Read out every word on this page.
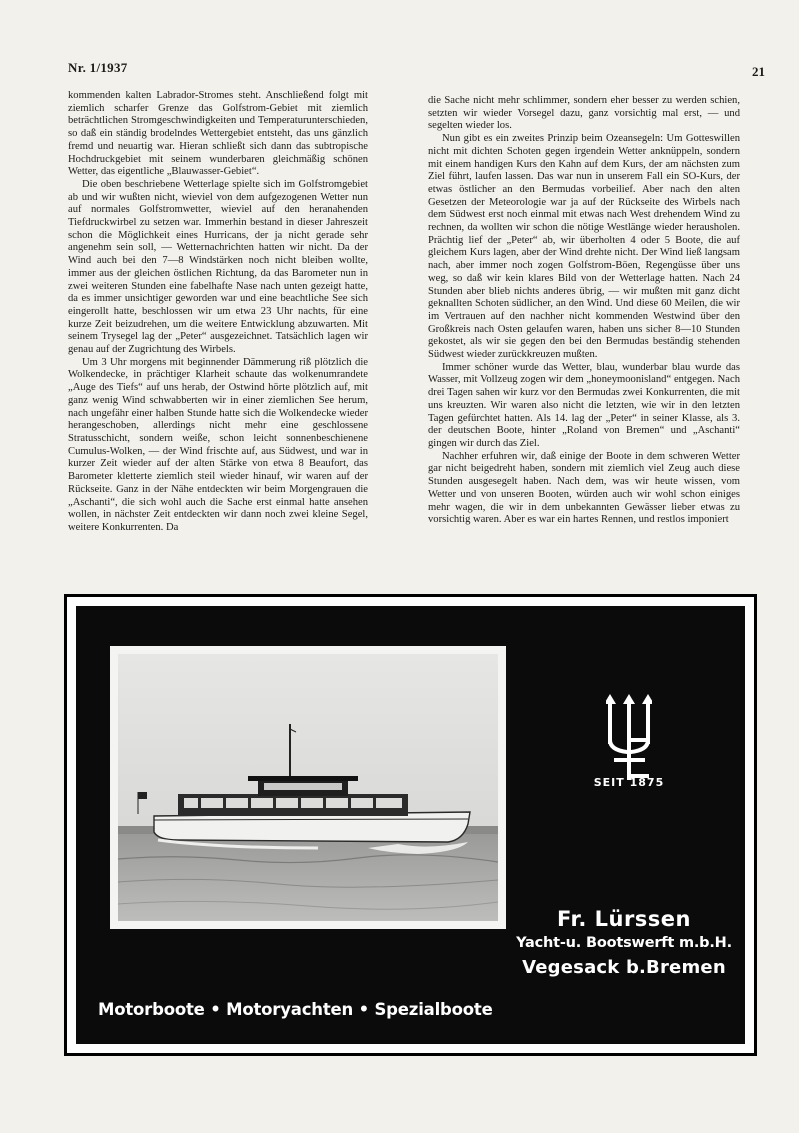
Nr. 1/1937	21

kommenden kalten Labrador-Stromes steht. Anschließend folgt mit ziemlich scharfer Grenze das Golfstrom-Gebiet mit ziemlich beträchtlichen Stromgeschwindigkeiten und Temperaturunterschieden, so daß ein ständig brodelndes Wettergebiet entsteht, das uns gänzlich fremd und neuartig war. Hieran schließt sich dann das subtropische Hochdruckgebiet mit seinem wunderbaren gleichmäßig schönen Wetter, das eigentliche „Blauwasser-Gebiet“.

Die oben beschriebene Wetterlage spielte sich im Golfstromgebiet ab und wir wußten nicht, wieviel von dem aufgezogenen Wetter nun auf normales Golfstromwetter, wieviel auf den heranahenden Tiefdruckwirbel zu setzen war. Immerhin bestand in dieser Jahreszeit schon die Möglichkeit eines Hurricans, der ja nicht gerade sehr angenehm sein soll, — Wetternachrichten hatten wir nicht. Da der Wind auch bei den 7—8 Windstärken noch nicht bleiben wollte, immer aus der gleichen östlichen Richtung, da das Barometer nun in zwei weiteren Stunden eine fabelhafte Nase nach unten gezeigt hatte, da es immer unsichtiger geworden war und eine beachtliche See sich eingerollt hatte, beschlossen wir um etwa 23 Uhr nachts, für eine kurze Zeit beizudrehen, um die weitere Entwicklung abzuwarten. Mit seinem Trysegel lag der „Peter“ ausgezeichnet. Tatsächlich lagen wir genau auf der Zugrichtung des Wirbels.

Um 3 Uhr morgens mit beginnender Dämmerung riß plötzlich die Wolkendecke, in prächtiger Klarheit schaute das wolkenumrandete „Auge des Tiefs“ auf uns herab, der Ostwind hörte plötzlich auf, mit ganz wenig Wind schwabberten wir in einer ziemlichen See herum, nach ungefähr einer halben Stunde hatte sich die Wolkendecke wieder herangeschoben, allerdings nicht mehr eine geschlossene Stratusschicht, sondern weiße, schon leicht sonnenbeschienene Cumulus-Wolken, — der Wind frischte auf, aus Südwest, und war in kurzer Zeit wieder auf der alten Stärke von etwa 8 Beaufort, das Barometer kletterte ziemlich steil wieder hinauf, wir waren auf der Rückseite. Ganz in der Nähe entdeckten wir beim Morgengrauen die „Aschanti“, die sich wohl auch die Sache erst einmal hatte ansehen wollen, in nächster Zeit entdeckten wir dann noch zwei kleine Segel, weitere Konkurrenten. Da

die Sache nicht mehr schlimmer, sondern eher besser zu werden schien, setzten wir wieder Vorsegel dazu, ganz vorsichtig mal erst, — und segelten wieder los.

Nun gibt es ein zweites Prinzip beim Ozeansegeln: Um Gotteswillen nicht mit dichten Schoten gegen irgendein Wetter anknüppeln, sondern mit einem handigen Kurs den Kahn auf dem Kurs, der am nächsten zum Ziel führt, laufen lassen. Das war nun in unserem Fall ein SO-Kurs, der etwas östlicher an den Bermudas vorbeilief. Aber nach den alten Gesetzen der Meteorologie war ja auf der Rückseite des Wirbels nach dem Südwest erst noch einmal mit etwas nach West drehendem Wind zu rechnen, da wollten wir schon die nötige Westlänge wieder herausholen. Prächtig lief der „Peter“ ab, wir überholten 4 oder 5 Boote, die auf gleichem Kurs lagen, aber der Wind drehte nicht. Der Wind ließ langsam nach, aber immer noch zogen Golfstrom-Böen, Regengüsse über uns weg, so daß wir kein klares Bild von der Wetterlage hatten. Nach 24 Stunden aber blieb nichts anderes übrig, — wir mußten mit ganz dicht geknallten Schoten südlicher, an den Wind. Und diese 60 Meilen, die wir im Vertrauen auf den nachher nicht kommenden Westwind über den Großkreis nach Osten gelaufen waren, haben uns sicher 8—10 Stunden gekostet, als wir sie gegen den bei den Bermudas beständig stehenden Südwest wieder zurückkreuzen mußten.

Immer schöner wurde das Wetter, blau, wunderbar blau wurde das Wasser, mit Vollzeug zogen wir dem „honeymoonisland“ entgegen. Nach drei Tagen sahen wir kurz vor den Bermudas zwei Konkurrenten, die mit uns kreuzten. Wir waren also nicht die letzten, wie wir in den letzten Tagen gefürchtet hatten. Als 14. lag der „Peter“ in seiner Klasse, als 3. der deutschen Boote, hinter „Roland von Bremen“ und „Aschanti“ gingen wir durch das Ziel.

Nachher erfuhren wir, daß einige der Boote in dem schweren Wetter gar nicht beigedreht haben, sondern mit ziemlich viel Zeug auch diese Stunden ausgesegelt haben. Nach dem, was wir heute wissen, vom Wetter und von unseren Booten, würden auch wir wohl schon einiges mehr wagen, die wir in dem unbekannten Gewässer lieber etwas zu vorsichtig waren. Aber es war ein hartes Rennen, und restlos imponiert

SEIT 1875
Fr. Lürssen
Yacht-u. Bootswerft m.b.H.
Vegesack b.Bremen
Motorboote • Motoryachten • Spezialboote
